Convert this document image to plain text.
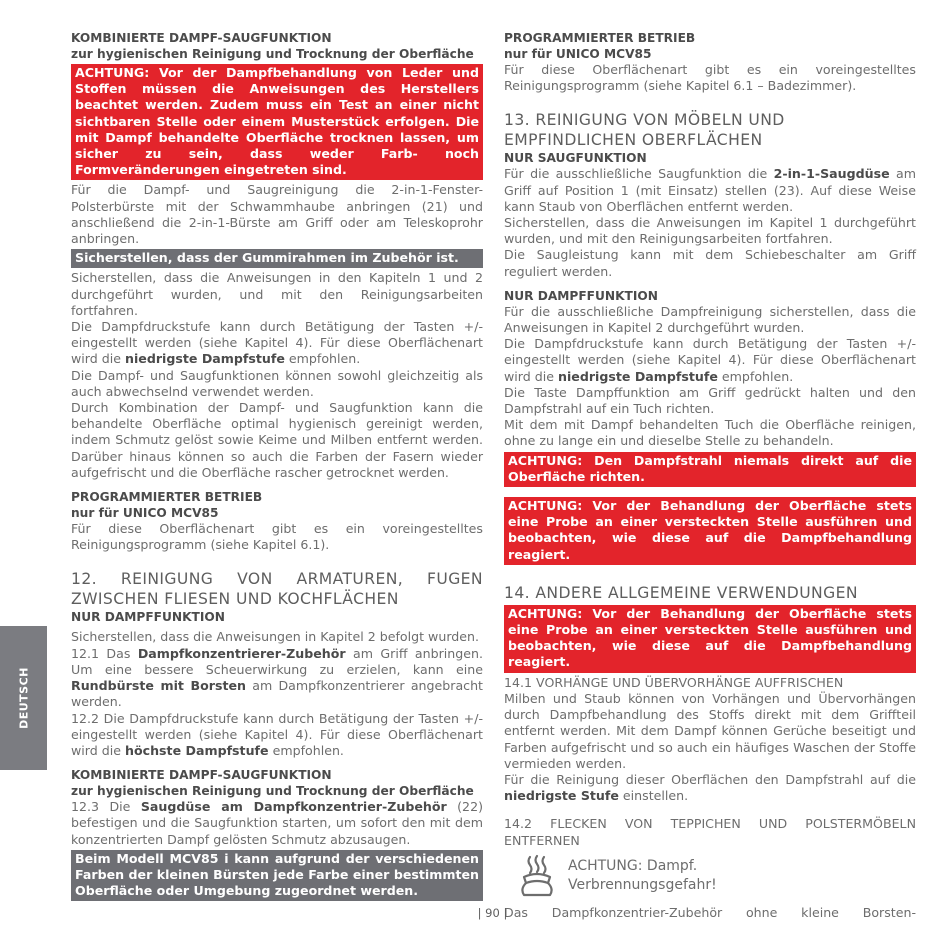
DEUTSCH
KOMBINIERTE DAMPF-SAUGFUNKTION
zur hygienischen Reinigung und Trocknung der Oberfläche
ACHTUNG: Vor der Dampfbehandlung von Leder und Stoffen müssen die Anweisungen des Herstellers beachtet werden. Zudem muss ein Test an einer nicht sichtbaren Stelle oder einem Musterstück erfolgen. Die mit Dampf behandelte Oberfläche trocknen lassen, um sicher zu sein, dass weder Farb- noch Formveränderungen eingetreten sind.

Für die Dampf- und Saugreinigung die 2-in-1-Fenster-Polsterbürste mit der Schwammhaube anbringen (21) und anschließend die 2-in-1-Bürste am Griff oder am Teleskoprohr anbringen.

Sicherstellen, dass der Gummirahmen im Zubehör ist.

Sicherstellen, dass die Anweisungen in den Kapiteln 1 und 2 durchgeführt wurden, und mit den Reinigungsarbeiten fortfahren.

Die Dampfdruckstufe kann durch Betätigung der Tasten +/- eingestellt werden (siehe Kapitel 4). Für diese Oberflächenart wird die niedrigste Dampfstufe empfohlen.

Die Dampf- und Saugfunktionen können sowohl gleichzeitig als auch abwechselnd verwendet werden.

Durch Kombination der Dampf- und Saugfunktion kann die behandelte Oberfläche optimal hygienisch gereinigt werden, indem Schmutz gelöst sowie Keime und Milben entfernt werden. Darüber hinaus können so auch die Farben der Fasern wieder aufgefrischt und die Oberfläche rascher getrocknet werden.

PROGRAMMIERTER BETRIEB
nur für UNICO MCV85

Für diese Oberflächenart gibt es ein voreingestelltes Reinigungsprogramm (siehe Kapitel 6.1).

12. REINIGUNG VON ARMATUREN, FUGEN ZWISCHEN FLIESEN UND KOCHFLÄCHEN
NUR DAMPFFUNKTION

Sicherstellen, dass die Anweisungen in Kapitel 2 befolgt wurden.

12.1 Das Dampfkonzentrierer-Zubehör am Griff anbringen. Um eine bessere Scheuerwirkung zu erzielen, kann eine Rundbürste mit Borsten am Dampfkonzentrierer angebracht werden.

12.2 Die Dampfdruckstufe kann durch Betätigung der Tasten +/- eingestellt werden (siehe Kapitel 4). Für diese Oberflächenart wird die höchste Dampfstufe empfohlen.

KOMBINIERTE DAMPF-SAUGFUNKTION
zur hygienischen Reinigung und Trocknung der Oberfläche

12.3 Die Saugdüse am Dampfkonzentrier-Zubehör (22) befestigen und die Saugfunktion starten, um sofort den mit dem konzentrierten Dampf gelösten Schmutz abzusaugen.

Beim Modell MCV85 i kann aufgrund der verschiedenen Farben der kleinen Bürsten jede Farbe einer bestimmten Oberfläche oder Umgebung zugeordnet werden.
PROGRAMMIERTER BETRIEB
nur für UNICO MCV85

Für diese Oberflächenart gibt es ein voreingestelltes Reinigungsprogramm (siehe Kapitel 6.1 – Badezimmer).

13. REINIGUNG VON MÖBELN UND EMPFINDLICHEN OBERFLÄCHEN
NUR SAUGFUNKTION

Für die ausschließliche Saugfunktion die 2-in-1-Saugdüse am Griff auf Position 1 (mit Einsatz) stellen (23). Auf diese Weise kann Staub von Oberflächen entfernt werden.

Sicherstellen, dass die Anweisungen im Kapitel 1 durchgeführt wurden, und mit den Reinigungsarbeiten fortfahren.

Die Saugleistung kann mit dem Schiebeschalter am Griff reguliert werden.

NUR DAMPFFUNKTION

Für die ausschließliche Dampfreinigung sicherstellen, dass die Anweisungen in Kapitel 2 durchgeführt wurden.

Die Dampfdruckstufe kann durch Betätigung der Tasten +/- eingestellt werden (siehe Kapitel 4). Für diese Oberflächenart wird die niedrigste Dampfstufe empfohlen.

Die Taste Dampffunktion am Griff gedrückt halten und den Dampfstrahl auf ein Tuch richten.

Mit dem mit Dampf behandelten Tuch die Oberfläche reinigen, ohne zu lange ein und dieselbe Stelle zu behandeln.

ACHTUNG: Den Dampfstrahl niemals direkt auf die Oberfläche richten.
ACHTUNG: Vor der Behandlung der Oberfläche stets eine Probe an einer versteckten Stelle ausführen und beobachten, wie diese auf die Dampfbehandlung reagiert.
14. ANDERE ALLGEMEINE VERWENDUNGEN
ACHTUNG: Vor der Behandlung der Oberfläche stets eine Probe an einer versteckten Stelle ausführen und beobachten, wie diese auf die Dampfbehandlung reagiert.

14.1 VORHÄNGE UND ÜBERVORHÄNGE AUFFRISCHEN

Milben und Staub können von Vorhängen und Übervorhängen durch Dampfbehandlung des Stoffs direkt mit dem Griffteil entfernt werden. Mit dem Dampf können Gerüche beseitigt und Farben aufgefrischt und so auch ein häufiges Waschen der Stoffe vermieden werden.

Für die Reinigung dieser Oberflächen den Dampfstrahl auf die niedrigste Stufe einstellen.

14.2 FLECKEN VON TEPPICHEN UND POLSTERMÖBELN ENTFERNEN

ACHTUNG: Dampf.
Verbrennungsgefahr!

Das Dampfkonzentrier-Zubehör ohne kleine Borsten-

| 90 |
